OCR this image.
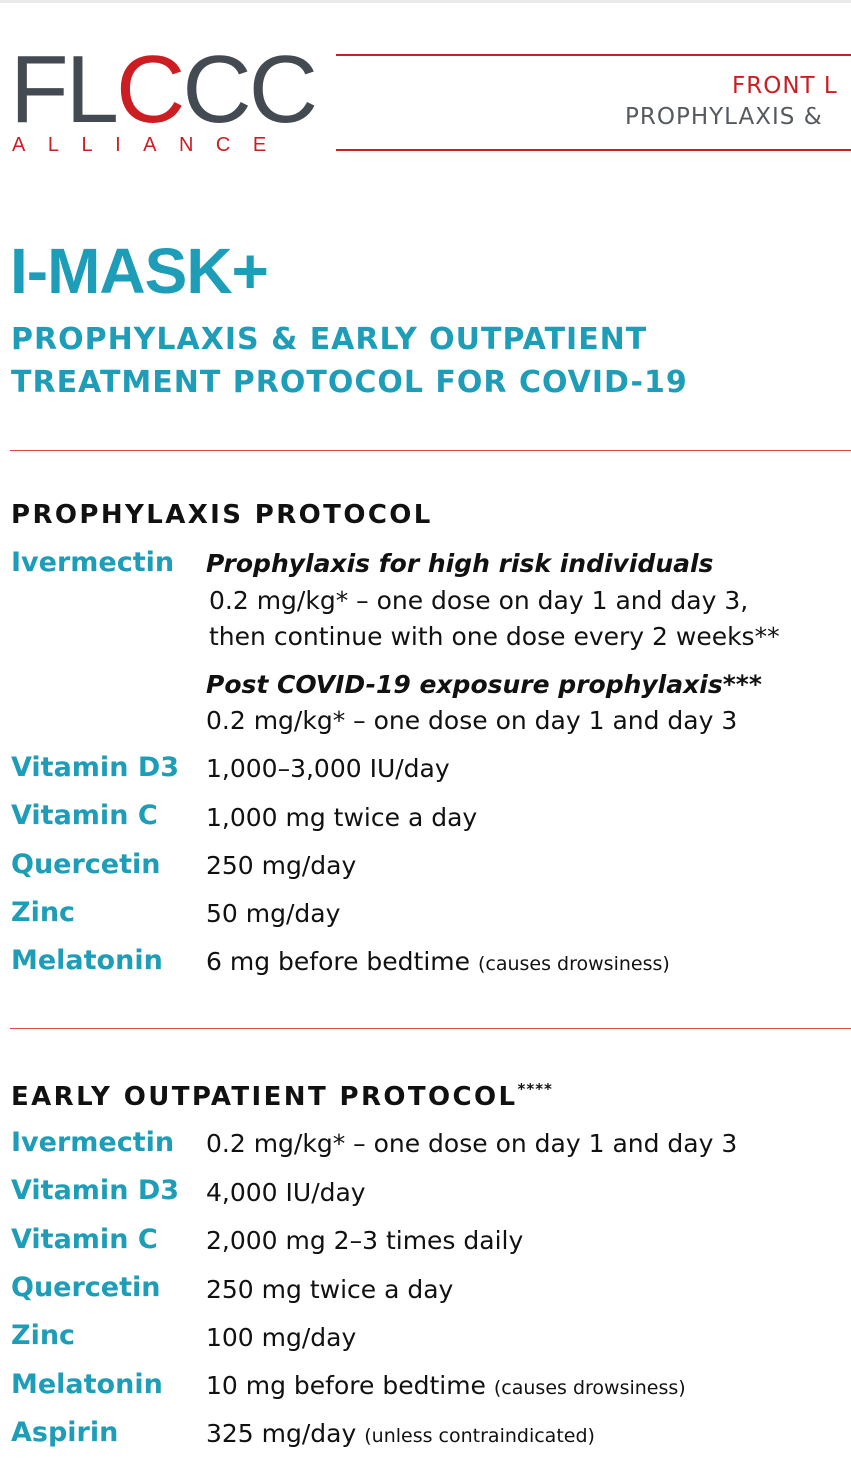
FLCCC
ALLIANCE
FRONT L
PROPHYLAXIS &
I-MASK+
PROPHYLAXIS & EARLY OUTPATIENT
TREATMENT PROTOCOL FOR COVID-19
PROPHYLAXIS PROTOCOL
Ivermectin Prophylaxis for high risk individuals
0.2 mg/kg* – one dose on day 1 and day 3,
then continue with one dose every 2 weeks**
Post COVID-19 exposure prophylaxis***
0.2 mg/kg* – one dose on day 1 and day 3
Vitamin D3 1,000–3,000 IU/day
Vitamin C 1,000 mg twice a day
Quercetin 250 mg/day
Zinc	50 mg/day
Melatonin 6 mg before bedtime (causes drowsiness)
EARLY OUTPATIENT PROTOCOL****
Ivermectin 0.2 mg/kg* – one dose on day 1 and day 3
Vitamin D3 4,000 IU/day
Vitamin C 2,000 mg 2–3 times daily
Quercetin 250 mg twice a day
Zinc	100 mg/day
Melatonin 10 mg before bedtime (causes drowsiness)
Aspirin	325 mg/day (unless contraindicated)
